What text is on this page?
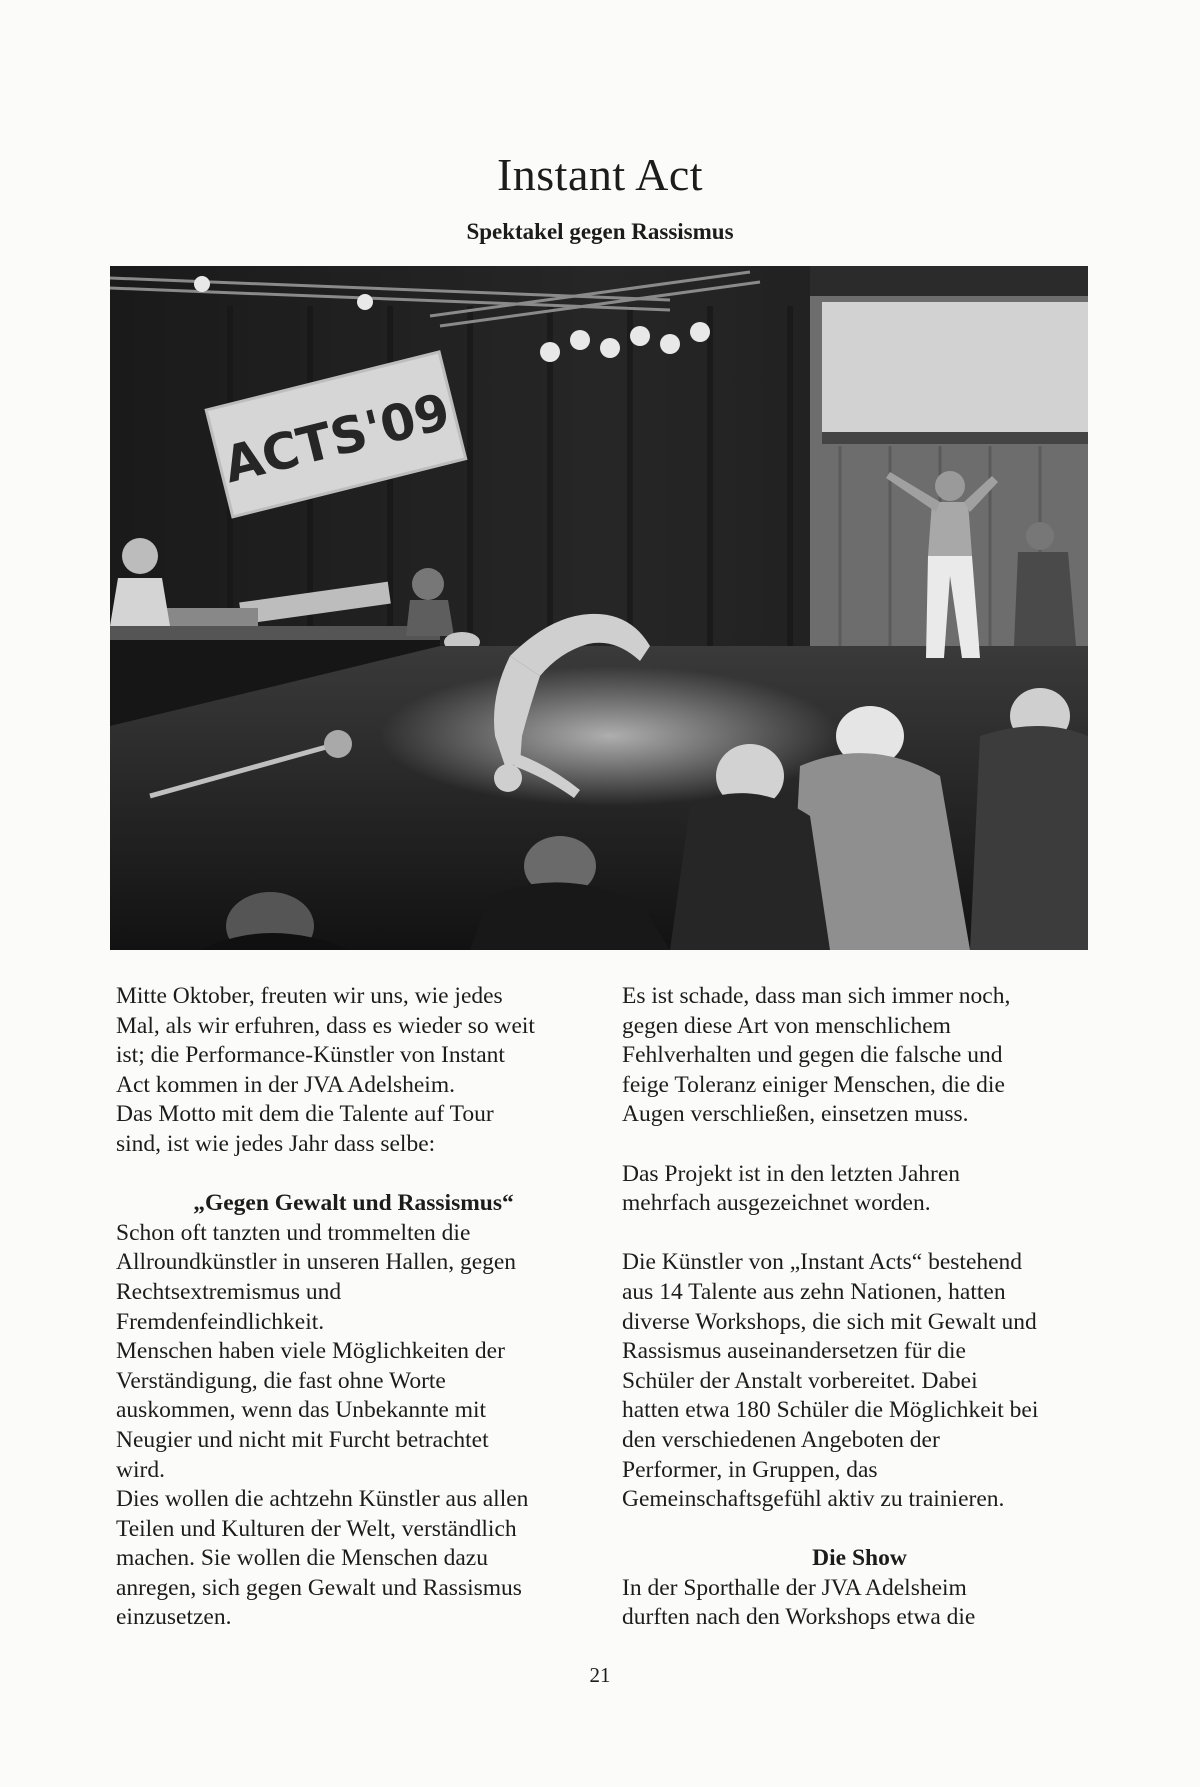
Instant Act
Spektakel gegen Rassismus
ACTS'09

Mitte Oktober, freuten wir uns, wie jedes

Mal, als wir erfuhren, dass es wieder so weit

ist; die Performance-Künstler von Instant

Act kommen in der JVA Adelsheim.

Das Motto mit dem die Talente auf Tour

sind, ist wie jedes Jahr dass selbe:

„Gegen Gewalt und Rassismus“

Schon oft tanzten und trommelten die

Allroundkünstler in unseren Hallen, gegen

Rechtsextremismus und

Fremdenfeindlichkeit.

Menschen haben viele Möglichkeiten der

Verständigung, die fast ohne Worte

auskommen, wenn das Unbekannte mit

Neugier und nicht mit Furcht betrachtet

wird.

Dies wollen die achtzehn Künstler aus allen

Teilen und Kulturen der Welt, verständlich

machen. Sie wollen die Menschen dazu

anregen, sich gegen Gewalt und Rassismus

einzusetzen.

Es ist schade, dass man sich immer noch,

gegen diese Art von menschlichem

Fehlverhalten und gegen die falsche und

feige Toleranz einiger Menschen, die die

Augen verschließen, einsetzen muss.

Das Projekt ist in den letzten Jahren

mehrfach ausgezeichnet worden.

Die Künstler von „Instant Acts“ bestehend

aus 14 Talente aus zehn Nationen, hatten

diverse Workshops, die sich mit Gewalt und

Rassismus auseinandersetzen für die

Schüler der Anstalt vorbereitet. Dabei

hatten etwa 180 Schüler die Möglichkeit bei

den verschiedenen Angeboten der

Performer, in Gruppen, das

Gemeinschaftsgefühl aktiv zu trainieren.

Die Show

In der Sporthalle der JVA Adelsheim

durften nach den Workshops etwa die

21
